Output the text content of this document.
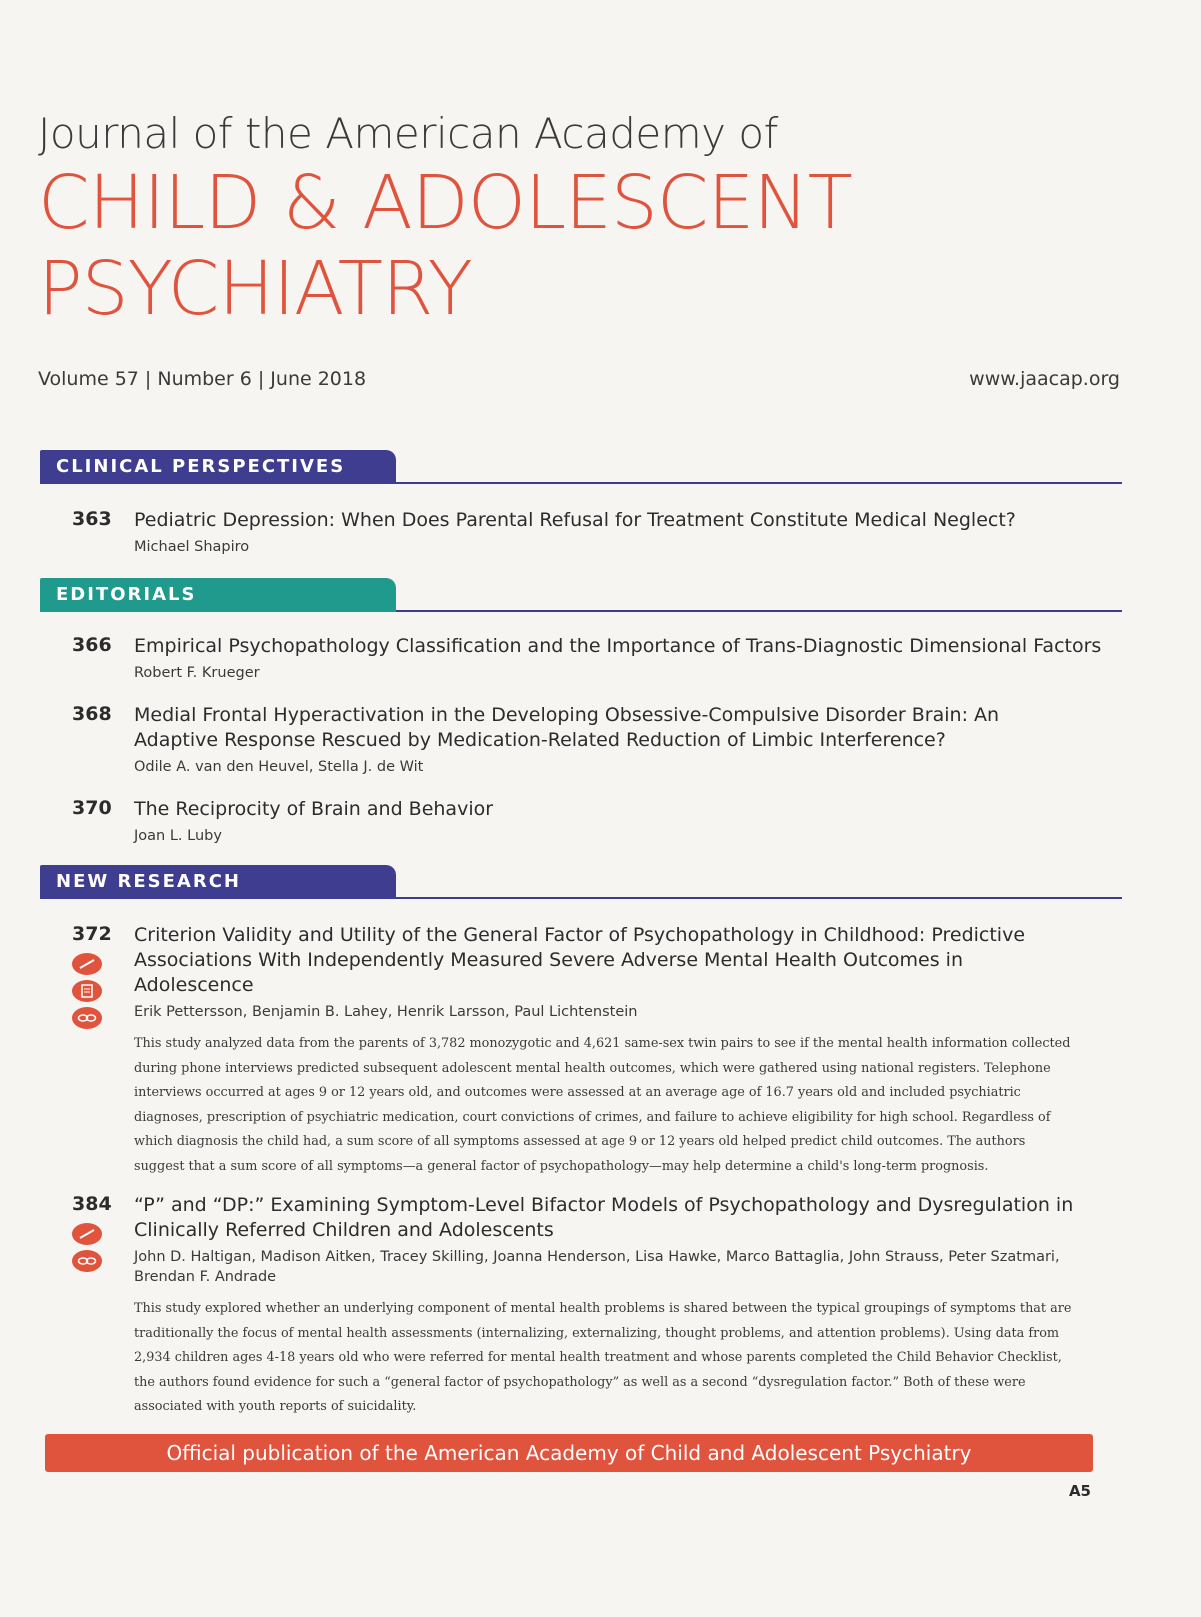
Journal of the American Academy of

CHILD & ADOLESCENT

PSYCHIATRY

Volume 57 | Number 6 | June 2018	www.jaacap.org
CLINICAL PERSPECTIVES
363	Pediatric Depression: When Does Parental Refusal for Treatment Constitute Medical Neglect?
Michael Shapiro
EDITORIALS
366	Empirical Psychopathology Classification and the Importance of Trans-Diagnostic Dimensional Factors
Robert F. Krueger
368	Medial Frontal Hyperactivation in the Developing Obsessive-Compulsive Disorder Brain: An Adaptive Response Rescued by Medication-Related Reduction of Limbic Interference?
Odile A. van den Heuvel, Stella J. de Wit
370	The Reciprocity of Brain and Behavior
Joan L. Luby
NEW RESEARCH
372	Criterion Validity and Utility of the General Factor of Psychopathology in Childhood: Predictive Associations With Independently Measured Severe Adverse Mental Health Outcomes in Adolescence
Erik Pettersson, Benjamin B. Lahey, Henrik Larsson, Paul Lichtenstein
This study analyzed data from the parents of 3,782 monozygotic and 4,621 same-sex twin pairs to see if the mental health information collected during phone interviews predicted subsequent adolescent mental health outcomes, which were gathered using national registers. Telephone interviews occurred at ages 9 or 12 years old, and outcomes were assessed at an average age of 16.7 years old and included psychiatric diagnoses, prescription of psychiatric medication, court convictions of crimes, and failure to achieve eligibility for high school. Regardless of which diagnosis the child had, a sum score of all symptoms assessed at age 9 or 12 years old helped predict child outcomes. The authors suggest that a sum score of all symptoms—a general factor of psychopathology—may help determine a child's long-term prognosis.
384	“P” and “DP:” Examining Symptom-Level Bifactor Models of Psychopathology and Dysregulation in Clinically Referred Children and Adolescents
John D. Haltigan, Madison Aitken, Tracey Skilling, Joanna Henderson, Lisa Hawke, Marco Battaglia, John Strauss, Peter Szatmari, Brendan F. Andrade
This study explored whether an underlying component of mental health problems is shared between the typical groupings of symptoms that are traditionally the focus of mental health assessments (internalizing, externalizing, thought problems, and attention problems). Using data from 2,934 children ages 4-18 years old who were referred for mental health treatment and whose parents completed the Child Behavior Checklist, the authors found evidence for such a “general factor of psychopathology” as well as a second “dysregulation factor.” Both of these were associated with youth reports of suicidality.
Official publication of the American Academy of Child and Adolescent Psychiatry
A5
